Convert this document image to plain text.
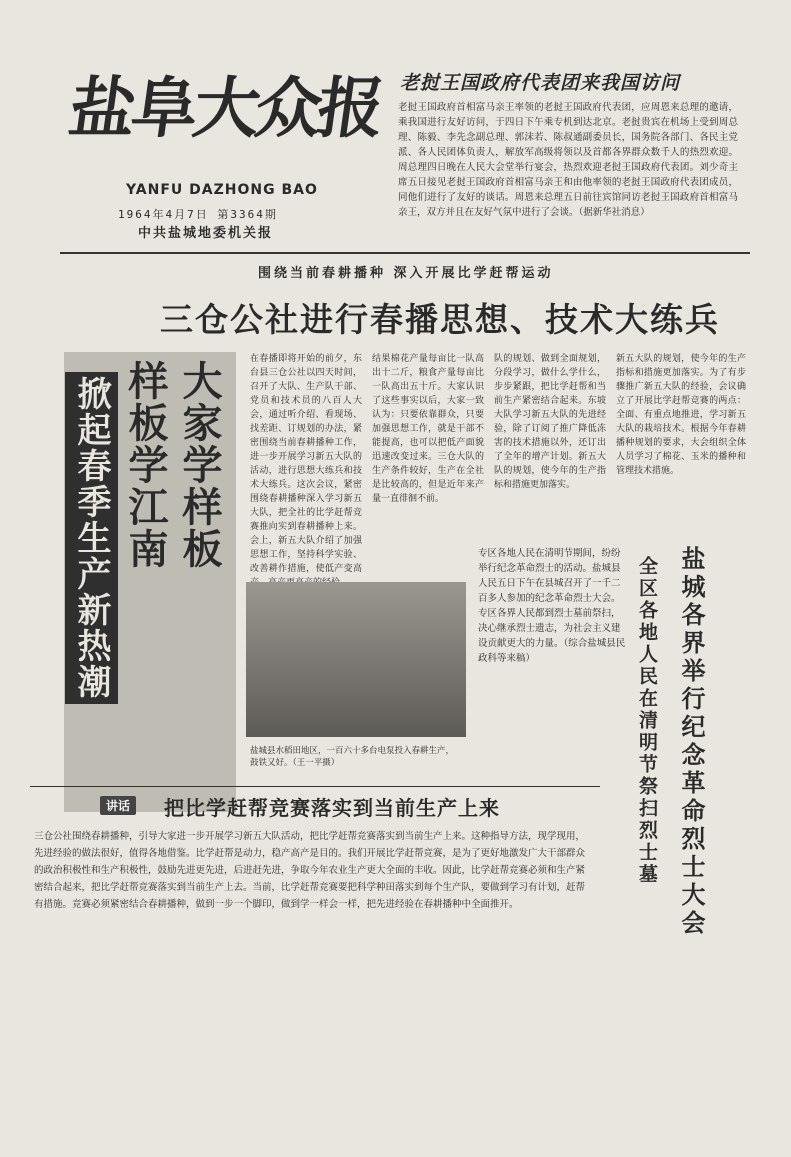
盐阜大众报
YANFU DAZHONG BAO
1964年4月7日 第3364期
中共盐城地委机关报
老挝王国政府代表团来我国访问
老挝王国政府首相富马亲王率领的老挝王国政府代表团，应周恩来总理的邀请，乘我国进行友好访问，于四日下午乘专机到达北京。老挝贵宾在机场上受到周总理、陈毅、李先念副总理、郭沫若、陈叔通副委员长，国务院各部门、各民主党派、各人民团体负责人，解放军高级将领以及首都各界群众数千人的热烈欢迎。周总理四日晚在人民大会堂举行宴会，热烈欢迎老挝王国政府代表团。刘少奇主席五日接见老挝王国政府首相富马亲王和由他率领的老挝王国政府代表团成员，同他们进行了友好的谈话。周恩来总理五日前往宾馆同访老挝王国政府首相富马亲王，双方并且在友好气氛中进行了会谈。（据新华社消息）
围绕当前春耕播种 深入开展比学赶帮运动
三仓公社进行春播思想、技术大练兵
大家学样板
样板学江南
掀起春季生产新热潮
在春播即将开始的前夕，东台县三仓公社以四天时间，召开了大队、生产队干部、党员和技术员的八百人大会，通过听介绍、看现场、找差距、订规划的办法，紧密围绕当前春耕播种工作，进一步开展学习新五大队的活动，进行思想大练兵和技术大练兵。这次会议，紧密围绕春耕播种深入学习新五大队，把全社的比学赶帮竞赛推向实到春耕播种上来。会上，新五大队介绍了加强思想工作，坚持科学实验、改善耕作措施，使低产变高
结果棉花产量每亩比一队高出十二斤，粮食产量每亩比一队高出五十斤。大家认识了这些事实以后，大家一致认为：只要依靠群众，只要加强思想工作，就是干部不能提高，也可以把低产面貌迅速改变过来。三仓大队的生产条件较好，生产在全社是比较高的，但是近年来产量一直徘徊不前。
队的规划、做到全面规划，分段学习，做什么学什么，步步紧跟，把比学赶帮和当前生产紧密结合起来。东坡大队学习新五大队的先进经验，除了订阅了推广降低冻害的技术措施以外，还订出了全年的增产计划。新五大队的规划，使今年的生产指标和措施更加落实。
新五大队的规划，使今年的生产指标和措施更加落实。为了有步骤推广新五大队的经验，会议确立了开展比学赶帮竞赛的两点：全面、有重点地推进，学习新五大队的栽培技术。根据今年春耕播种规划的要求，大会组织全体人员学习了棉花、玉米的播种和管理技术措施。
盐城县水稻田地区，一百六十多台电泵投入春耕生产，鼓铁又好。（王一平摄）	盐城各界举行纪念革命烈士大会
全区各地人民在清明节祭扫烈士墓
专区各地人民在清明节期间，纷纷举行纪念革命烈士的活动。盐城县人民五日下午在县城召开了一千二百多人参加的纪念革命烈士大会。专区各界人民都到烈士墓前祭扫，决心继承烈士遗志，为社会主义建设贡献更大的力量。（综合盐城县民政科等来稿）
讲话	把比学赶帮竞赛落实到当前生产上来
三仓公社围绕春耕播种，引导大家进一步开展学习新五大队活动，把比学赶帮竞赛落实到当前生产上来。这种指导方法，现学现用，先进经验的做法很好，值得各地借鉴。比学赶帮是动力，稳产高产是目的。我们开展比学赶帮竞赛，是为了更好地激发广大干部群众的政治积极性和生产积极性，鼓励先进更先进，后进赶先进，争取今年农业生产更大全面的丰收。因此，比学赶帮竞赛必须和生产紧密结合起来，把比学赶帮竞赛落实到当前生产上去。当前，比学赶帮竞赛要把科学种田落实到每个生产队，要做到学习有计划，赶帮有措施。竞赛必须紧密结合春耕播种，做到一步一个脚印，做到学一样会一样，把先进经验在春耕播种中全面推开。
